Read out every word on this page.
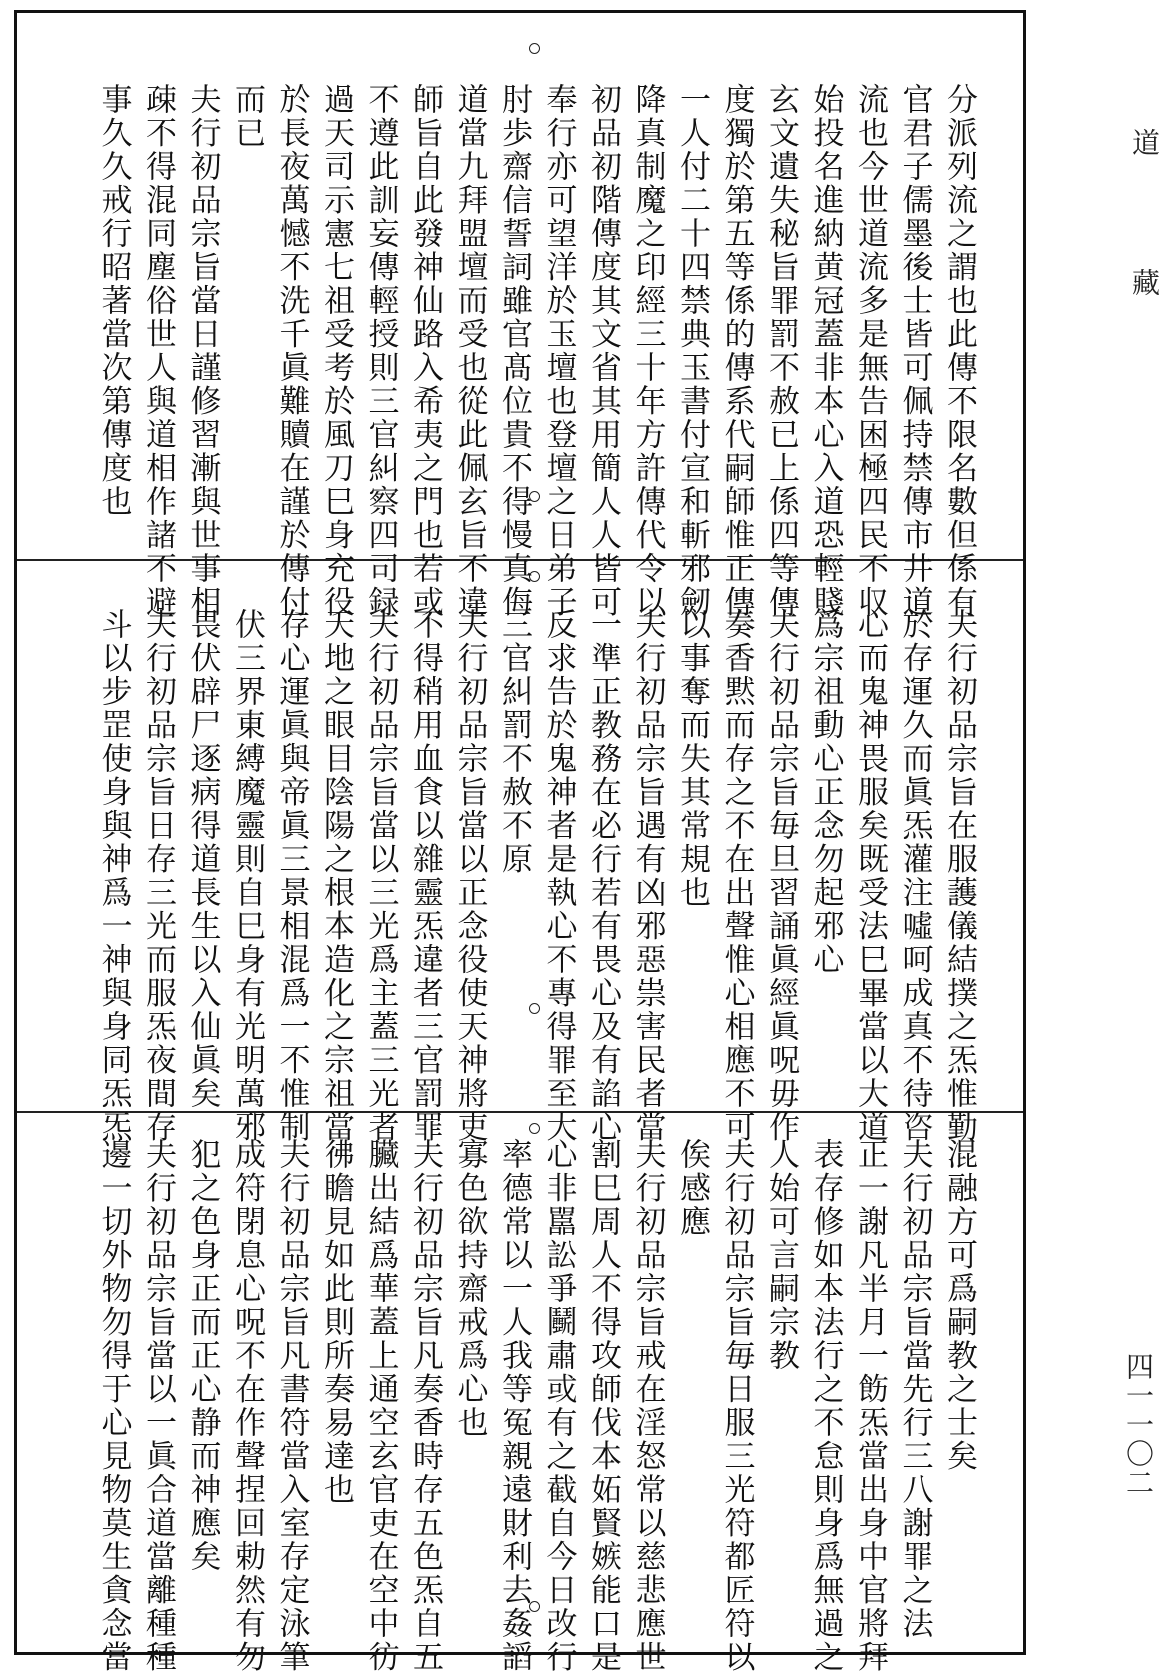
分派列流之謂也此傳不限名數但係有
官君子儒墨後士皆可佩持禁傳市井道
流也今世道流多是無告困極四民不収
始投名進納黄冠蓋非本心入道恐輕賤
玄文遺失秘旨罪罰不赦已上係四等傳
度獨於第五等係的傳系代嗣師惟正傳
一人付二十四禁典玉書付宣和斬邪劒
降真制魔之印經三十年方許傳代令以
初品初階傳度其文省其用簡人人皆可
奉行亦可望洋於玉壇也登壇之日弟子
肘歩齋信誓詞雖官髙位貴不得慢真侮
道當九拜盟壇而受也從此佩玄旨不違
師旨自此發神仙路入希夷之門也若或
不遵此訓妄傳輕授則三官糾察四司録
過天司示憲七祖受考於風刀巳身充役
於長夜萬憾不洗千眞難贖在謹於傳付
而已
夫行初品宗旨當日謹修習漸與世事相
疎不得混同塵俗世人與道相作諸不避
事久久戒行昭著當次第傳度也
夫行初品宗旨在服䕶儀結撲之炁惟勤
於存運久而眞炁灌注噓呵成真不待咨
心而鬼神畏服矣既受法巳畢當以大道
爲宗祖動心正念勿起邪心
夫行初品宗旨毎旦習誦眞經眞呪毋作
奏香黙而存之不在出聲惟心相應不可
以事奪而失其常規也
夫行初品宗旨遇有凶邪惡祟害民者當
一準正教務在必行若有畏心及有諂心
反求告於鬼神者是執心不專得罪至大
三官糾罰不赦不原
夫行初品宗旨當以正念役使天神將吏
不得稍用血食以雜靈炁違者三官罰罪
夫行初品宗旨當以三光爲主蓋三光者
天地之眼目陰陽之根本造化之宗祖當
存心運眞與帝眞三景相混爲一不惟制
伏三界東縛魔靈則自巳身有光明萬邪
畏伏辟尸逐病得道長生以入仙眞矣
夫行初品宗旨日存三光而服炁夜間存
斗以步罡使身與神爲一神與身同炁炁
混融方可爲嗣教之士矣
夫行初品宗旨當先行三八謝罪之法
正一謝凡半月一飭炁當出身中官將拜
表存修如本法行之不怠則身爲無過之
人始可言嗣宗教
夫行初品宗旨毎日服三光符都匠符以
俟感應
夫行初品宗旨戒在淫怒常以慈悲應世
割巳周人不得攻師伐本妬賢嫉能口是
心非嚚訟爭鬭肅或有之截自今日改行
率德常以一人我等冤親遠財利去姦謟
寡色欲持齋戒爲心也
夫行初品宗旨凡奏香時存五色炁自五
臟出結爲華蓋上通空玄官吏在空中彷
彿瞻見如此則所奏易達也
夫行初品宗旨凡書符當入室存定泳筆
成符閉息心呪不在作聲捏回勅然有勿
犯之色身正而正心静而神應矣
夫行初品宗旨當以一眞合道當離種種
邊一切外物勿得于心見物莫生貪念當
道
藏
四一一〇二
